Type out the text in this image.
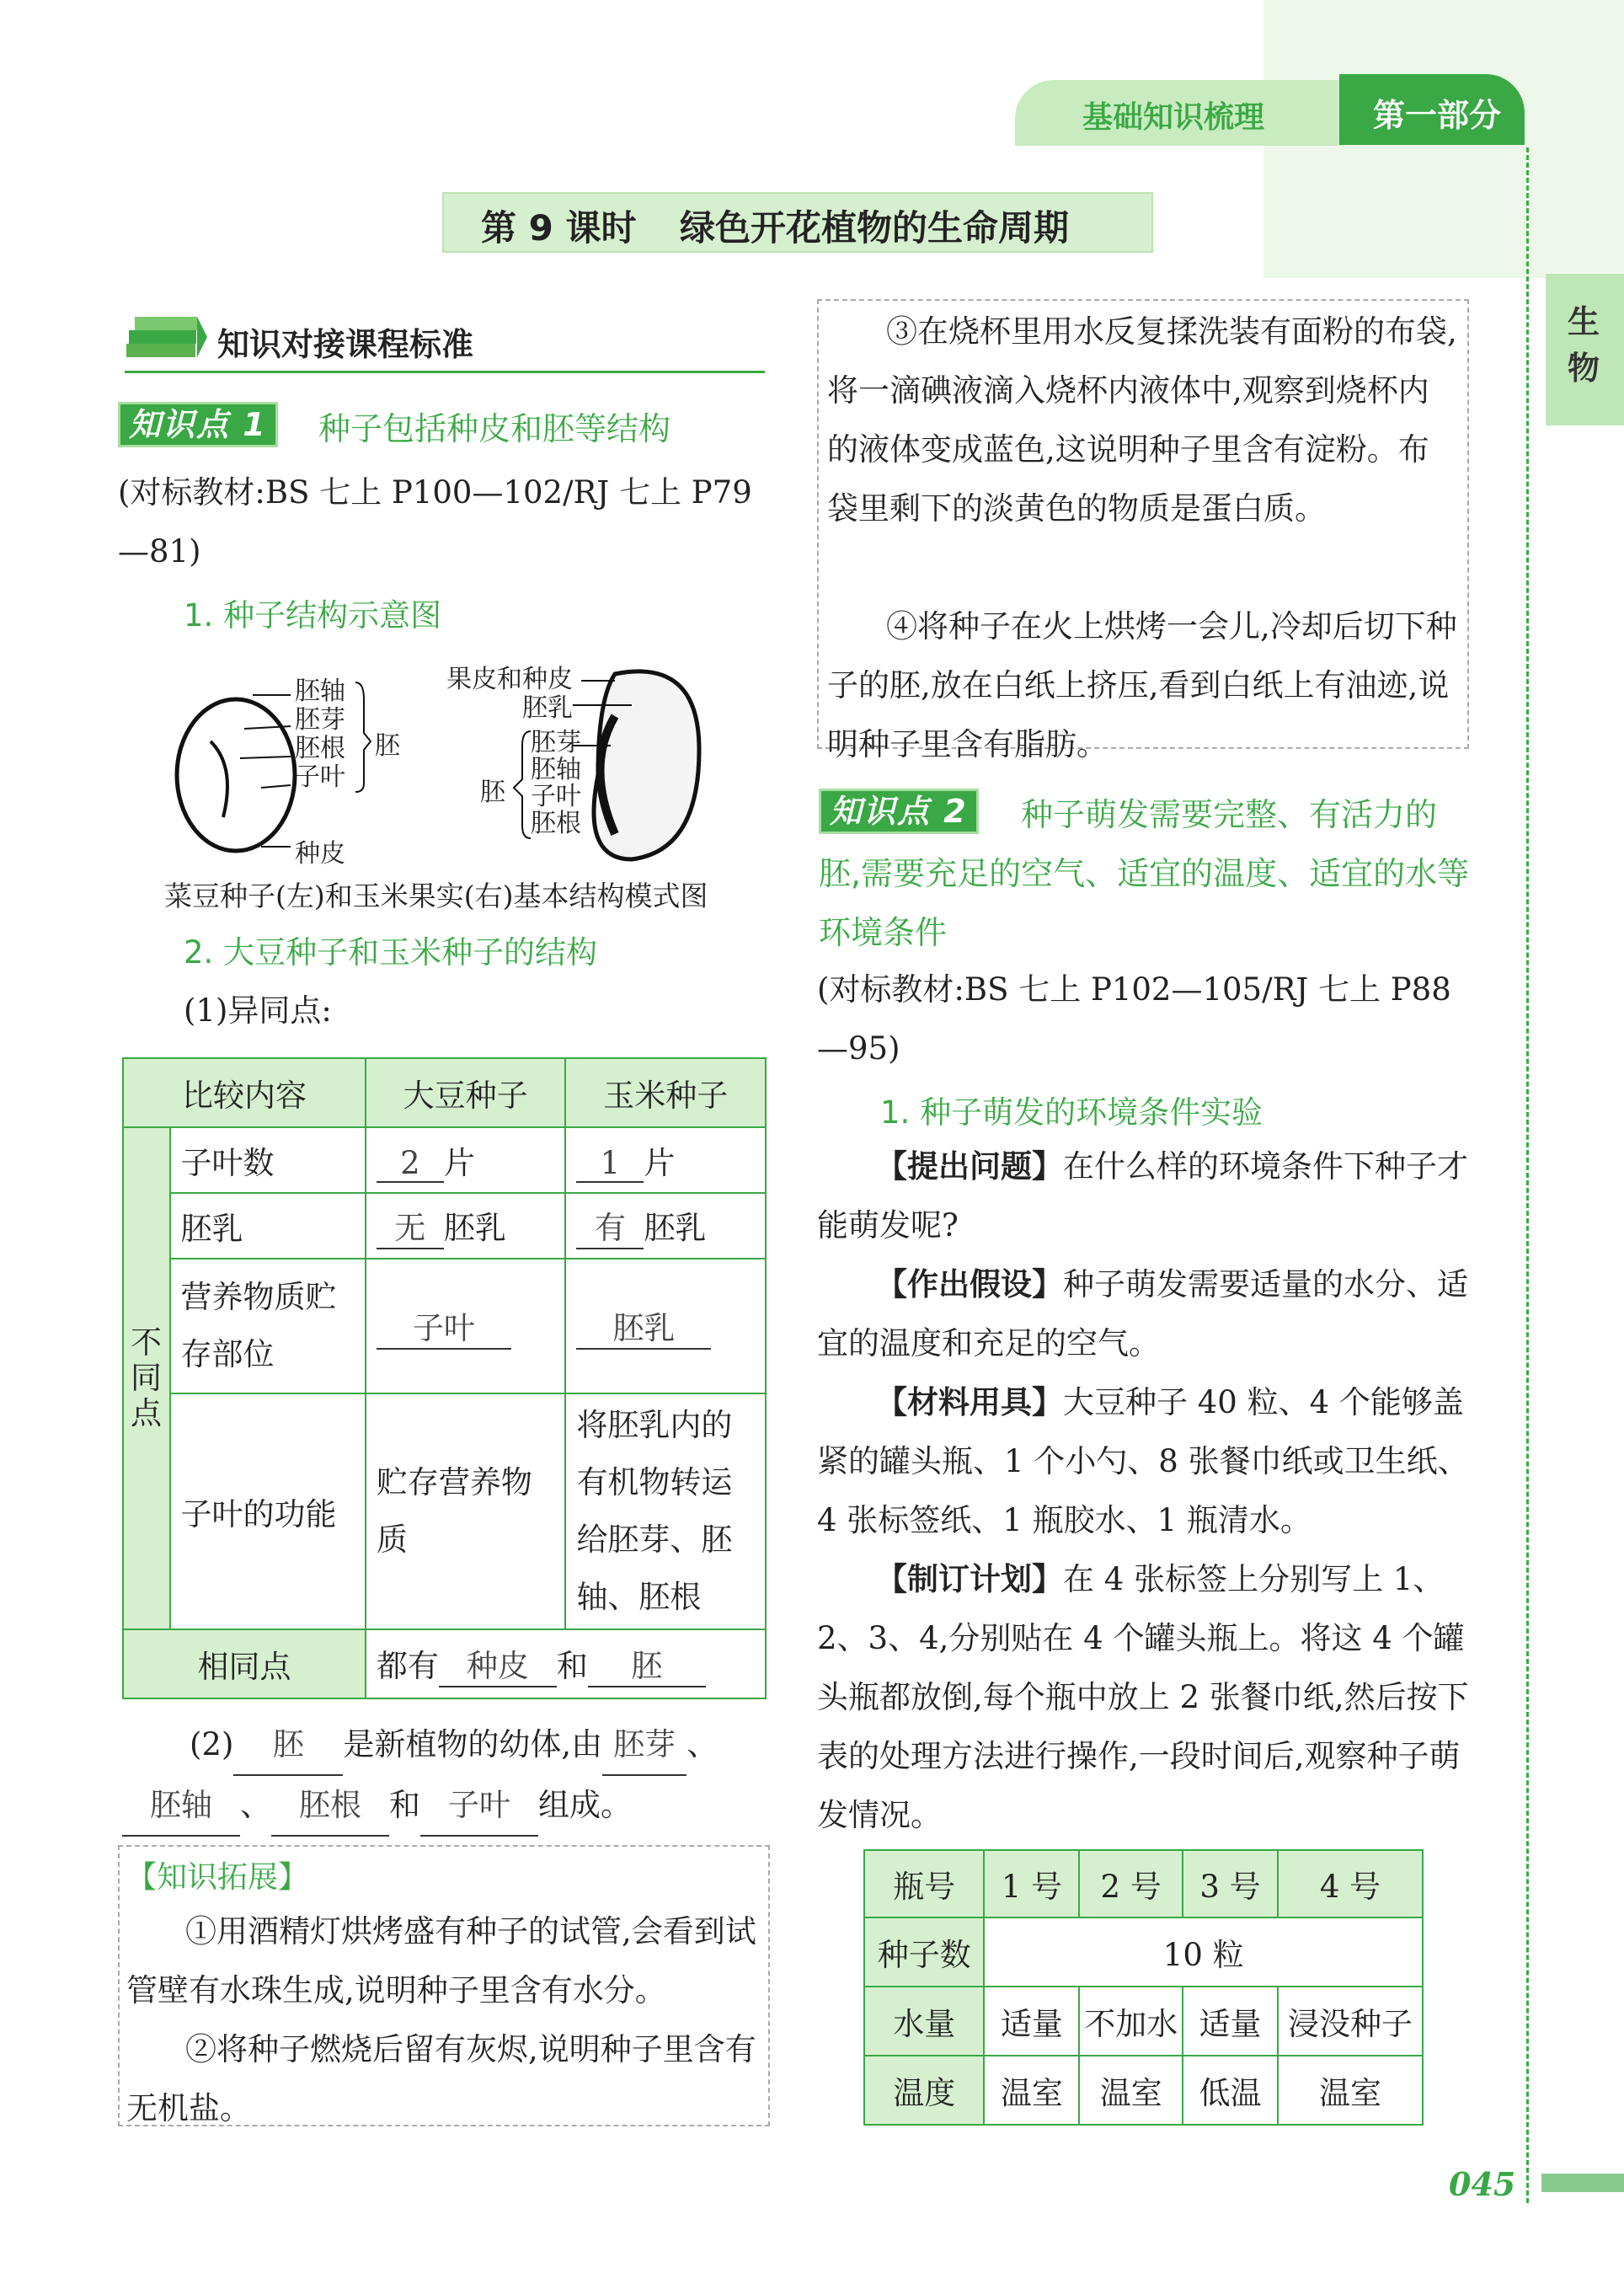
基础知识梳理	第一部分
生物
第 9 课时 绿色开花植物的生命周期
知识对接课程标准
知识点 1	种子包括种皮和胚等结构
(对标教材:BS 七上 P100—102/RJ 七上 P79—81)
1. 种子结构示意图
胚轴
胚芽
胚根
子叶
胚
种皮
果皮和种皮
胚乳
胚芽
胚轴
子叶
胚根
胚
菜豆种子(左)和玉米果实(右)基本结构模式图
2. 大豆种子和玉米种子的结构
(1)异同点:
比较内容		大豆种子	玉米种子

不同点	子叶数	2 片	1 片
	胚乳	无 胚乳	有 胚乳
	营养物质贮存部位	子叶	胚乳
	子叶的功能	贮存营养物质	将胚乳内的有机物转运给胚芽、胚轴、胚根
相同点		都有 种皮 和 胚	
(2) 胚 是新植物的幼体,由 胚芽 、胚轴 、 胚根 和 子叶 组成。
【知识拓展】
①用酒精灯烘烤盛有种子的试管,会看到试管壁有水珠生成,说明种子里含有水分。
②将种子燃烧后留有灰烬,说明种子里含有无机盐。
③在烧杯里用水反复揉洗装有面粉的布袋,将一滴碘液滴入烧杯内液体中,观察到烧杯内的液体变成蓝色,这说明种子里含有淀粉。布袋里剩下的淡黄色的物质是蛋白质。
④将种子在火上烘烤一会儿,冷却后切下种子的胚,放在白纸上挤压,看到白纸上有油迹,说明种子里含有脂肪。
知识点 2	种子萌发需要完整、有活力的胚,需要充足的空气、适宜的温度、适宜的水等环境条件
(对标教材:BS 七上 P102—105/RJ 七上 P88—95)
1. 种子萌发的环境条件实验
【提出问题】在什么样的环境条件下种子才能萌发呢?
【作出假设】种子萌发需要适量的水分、适宜的温度和充足的空气。
【材料用具】大豆种子 40 粒、4 个能够盖紧的罐头瓶、1 个小勺、8 张餐巾纸或卫生纸、4 张标签纸、1 瓶胶水、1 瓶清水。
【制订计划】在 4 张标签上分别写上 1、2、3、4,分别贴在 4 个罐头瓶上。将这 4 个罐头瓶都放倒,每个瓶中放上 2 张餐巾纸,然后按下表的处理方法进行操作,一段时间后,观察种子萌发情况。
瓶号	1 号	2 号	3 号	4 号
种子数	10 粒			
水量	适量	不加水	适量	浸没种子
温度	温室	温室	低温	温室
045
